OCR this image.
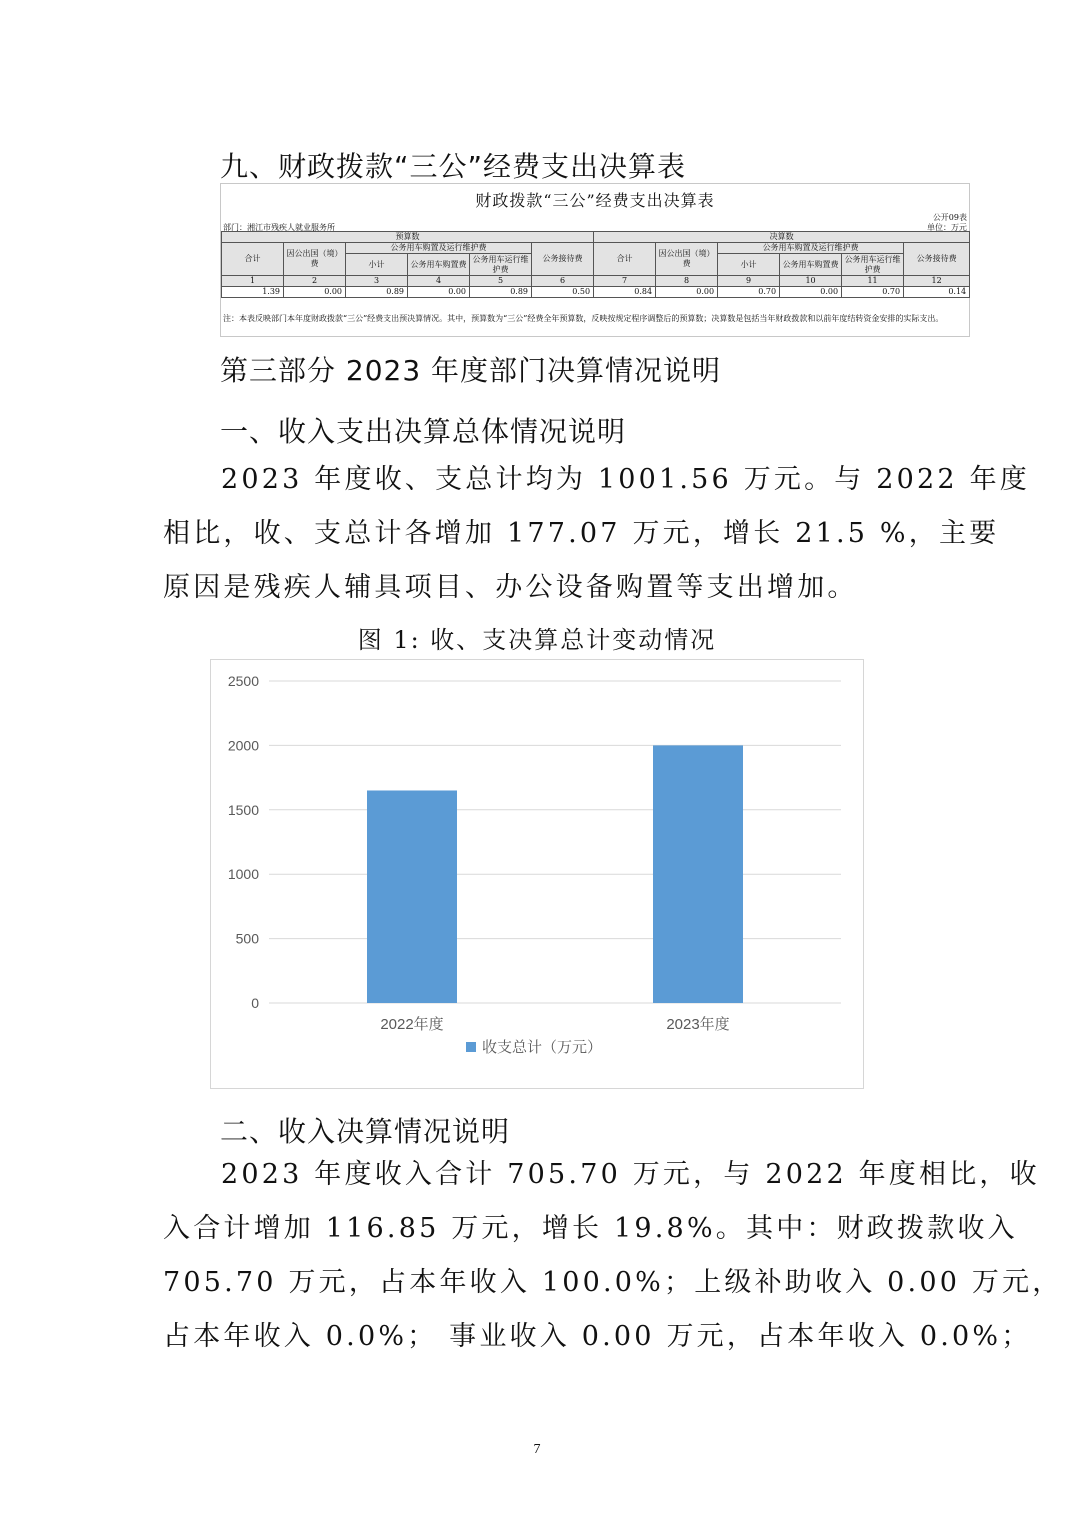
九、财政拨款“三公”经费支出决算表
财政拨款“三公”经费支出决算表
公开09表
部门：湘江市残疾人就业服务所	单位：万元
预算数						决算数					
合计	因公出国（境）费	公务用车购置及运行维护费			公务接待费	合计	因公出国（境）费	公务用车购置及运行维护费			公务接待费
		小计	公务用车购置费	公务用车运行维护费				小计	公务用车购置费	公务用车运行维护费	
1	2	3	4	5	6	7	8	9	10	11	12
1.39	0.00	0.89	0.00	0.89	0.50	0.84	0.00	0.70	0.00	0.70	0.14
注：本表反映部门本年度财政拨款“三公”经费支出预决算情况。其中，预算数为“三公”经费全年预算数，反映按规定程序调整后的预算数；决算数是包括当年财政拨款和以前年度结转资金安排的实际支出。
第三部分 2023 年度部门决算情况说明
一、收入支出决算总体情况说明

2023 年度收、支总计均为 1001.56 万元。与 2022 年度

相比，收、支总计各增加 177.07 万元，增长 21.5 %，主要

原因是残疾人辅具项目、办公设备购置等支出增加。

图 1: 收、支决算总计变动情况
0
500
1000
1500
2000
2500
2022年度	2023年度
收支总计（万元）
二、收入决算情况说明

2023 年度收入合计 705.70 万元，与 2022 年度相比，收

入合计增加 116.85 万元，增长 19.8%。其中：财政拨款收入

705.70 万元，占本年收入 100.0%；上级补助收入 0.00 万元，

占本年收入 0.0%； 事业收入 0.00 万元，占本年收入 0.0%；

7
